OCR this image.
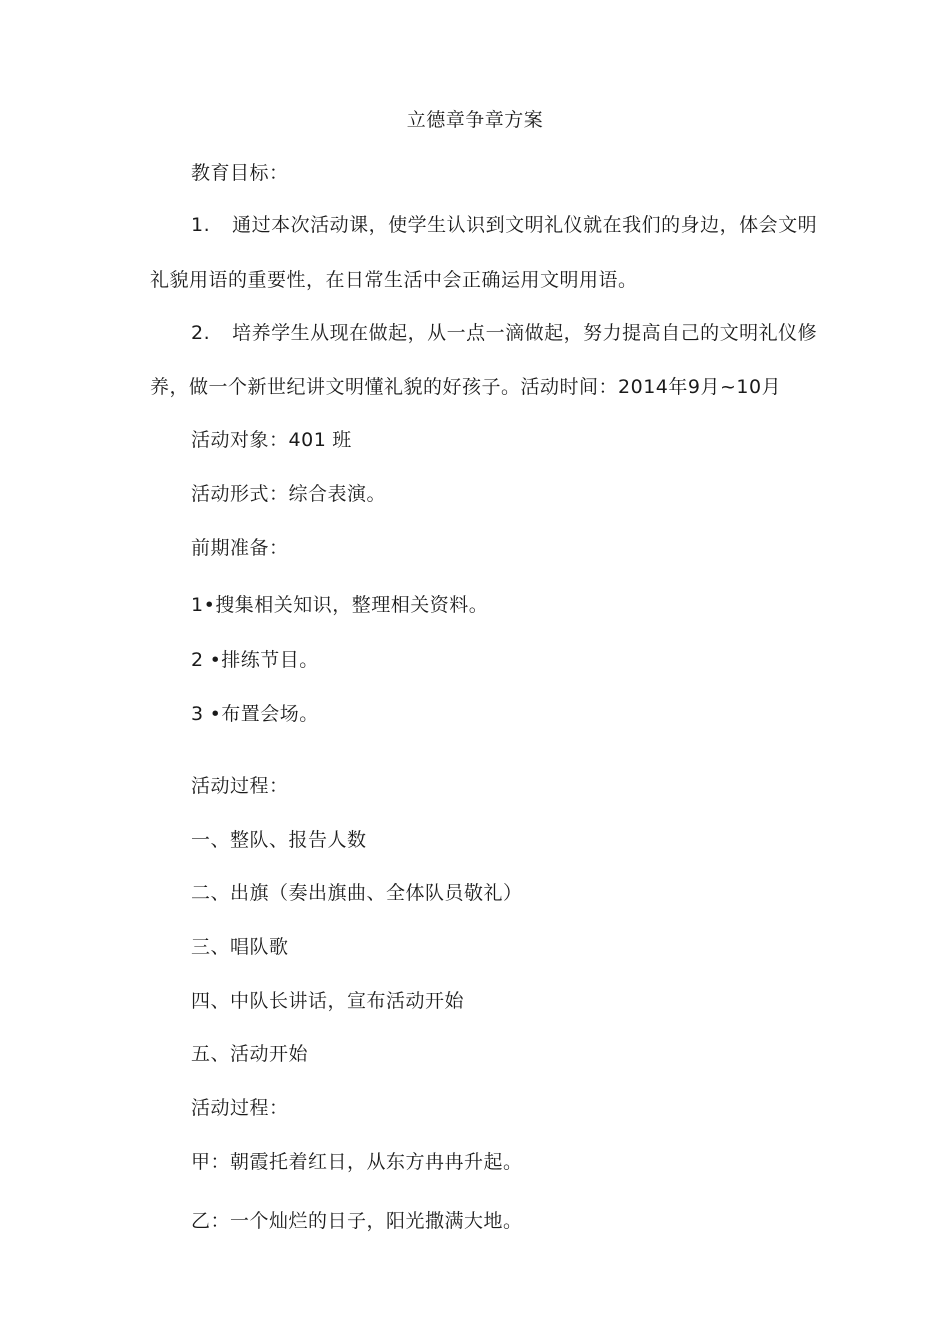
立德章争章方案
教育目标：
1. 通过本次活动课，使学生认识到文明礼仪就在我们的身边，体会文明
礼貌用语的重要性，在日常生活中会正确运用文明用语。
2. 培养学生从现在做起，从一点一滴做起，努力提高自己的文明礼仪修
养，做一个新世纪讲文明懂礼貌的好孩子。活动时间：2014年9月~10月
活动对象：401 班
活动形式：综合表演。
前期准备：
1•搜集相关知识，整理相关资料。
2 •排练节目。
3 •布置会场。
活动过程：
一、整队、报告人数
二、出旗（奏出旗曲、全体队员敬礼）
三、唱队歌
四、中队长讲话，宣布活动开始
五、活动开始
活动过程：
甲：朝霞托着红日，从东方冉冉升起。
乙：一个灿烂的日子，阳光撒满大地。
